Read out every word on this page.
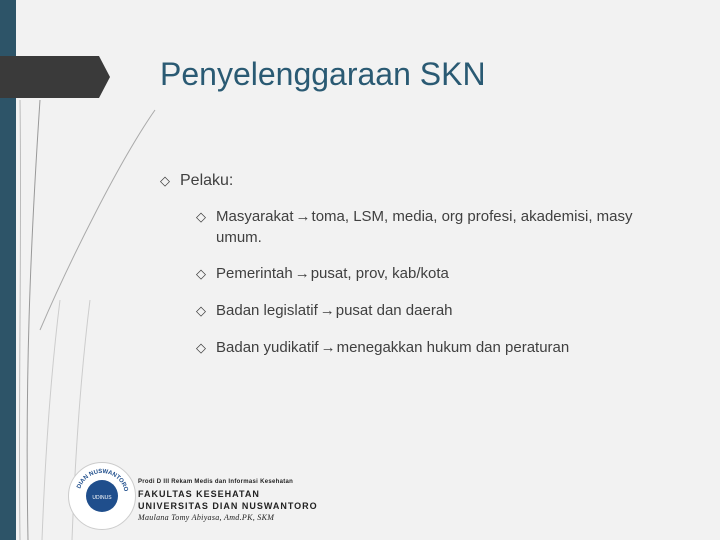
Penyelenggaraan SKN
◇ Pelaku:
◇ Masyarakat →toma, LSM, media, org profesi, akademisi, masy umum.
◇ Pemerintah →pusat, prov, kab/kota
◇ Badan legislatif →pusat dan daerah
◇ Badan yudikatif →menegakkan hukum dan peraturan
DIAN NUSWANTORO
UDINUS
Prodi D III Rekam Medis dan Informasi Kesehatan
FAKULTAS KESEHATAN
UNIVERSITAS DIAN NUSWANTORO
Maulana Tomy Abiyasa, Amd.PK, SKM
